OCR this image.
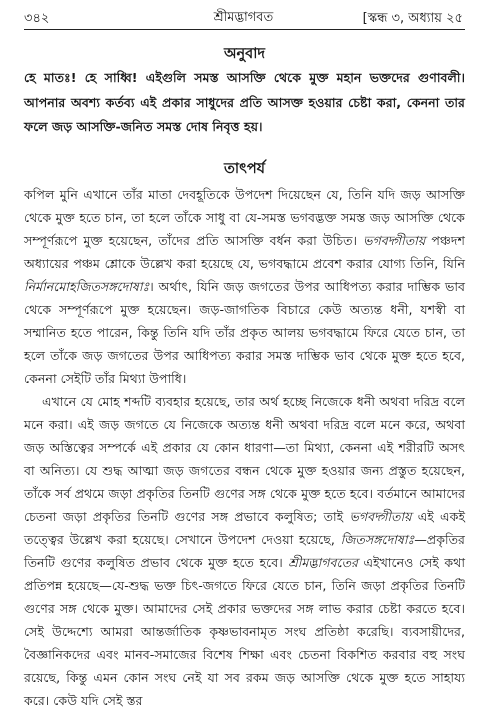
৩৪২	শ্রীমদ্ভাগবত	[স্কন্ধ ৩, অধ্যায় ২৫
অনুবাদ
হে মাতঃ! হে সাধ্বি! এইগুলি সমস্ত আসক্তি থেকে মুক্ত মহান ভক্তদের গুণাবলী। আপনার অবশ্য কর্তব্য এই প্রকার সাধুদের প্রতি আসক্ত হওয়ার চেষ্টা করা, কেননা তার ফলে জড় আসক্তি-জনিত সমস্ত দোষ নিবৃত্ত হয়।
তাৎপর্য

কপিল মুনি এখানে তাঁর মাতা দেবহূতিকে উপদেশ দিয়েছেন যে, তিনি যদি জড় আসক্তি থেকে মুক্ত হতে চান, তা হলে তাঁকে সাধু বা যে-সমস্ত ভগবদ্ভক্ত সমস্ত জড় আসক্তি থেকে সম্পূর্ণরূপে মুক্ত হয়েছেন, তাঁদের প্রতি আসক্তি বর্ধন করা উচিত। ভগবদ্গীতায় পঞ্চদশ অধ্যায়ের পঞ্চম শ্লোকে উল্লেখ করা হয়েছে যে, ভগবদ্ধামে প্রবেশ করার যোগ্য তিনি, যিনি নির্মানমোহজিতসঙ্গদোষাঃ। অর্থাৎ, যিনি জড় জগতের উপর আধিপত্য করার দাম্ভিক ভাব থেকে সম্পূর্ণরূপে মুক্ত হয়েছেন। জড়-জাগতিক বিচারে কেউ অত্যন্ত ধনী, যশস্বী বা সম্মানিত হতে পারেন, কিন্তু তিনি যদি তাঁর প্রকৃত আলয় ভগবদ্ধামে ফিরে যেতে চান, তা হলে তাঁকে জড় জগতের উপর আধিপত্য করার সমস্ত দাম্ভিক ভাব থেকে মুক্ত হতে হবে, কেননা সেইটি তাঁর মিথ্যা উপাধি।

এখানে যে মোহ শব্দটি ব্যবহার হয়েছে, তার অর্থ হচ্ছে নিজেকে ধনী অথবা দরিদ্র বলে মনে করা। এই জড় জগতে যে নিজেকে অত্যন্ত ধনী অথবা দরিদ্র বলে মনে করে, অথবা জড় অস্তিত্বের সম্পর্কে এই প্রকার যে কোন ধারণা—তা মিথ্যা, কেননা এই শরীরটি অসৎ বা অনিত্য। যে শুদ্ধ আত্মা জড় জগতের বন্ধন থেকে মুক্ত হওয়ার জন্য প্রস্তুত হয়েছেন, তাঁকে সর্ব প্রথমে জড়া প্রকৃতির তিনটি গুণের সঙ্গ থেকে মুক্ত হতে হবে। বর্তমানে আমাদের চেতনা জড়া প্রকৃতির তিনটি গুণের সঙ্গ প্রভাবে কলুষিত; তাই ভগবদ্গীতায় এই একই তত্ত্বের উল্লেখ করা হয়েছে। সেখানে উপদেশ দেওয়া হয়েছে, জিতসঙ্গদোষাঃ—প্রকৃতির তিনটি গুণের কলুষিত প্রভাব থেকে মুক্ত হতে হবে। শ্রীমদ্ভাগবতের এইখানেও সেই কথা প্রতিপন্ন হয়েছে—যে-শুদ্ধ ভক্ত চিৎ-জগতে ফিরে যেতে চান, তিনি জড়া প্রকৃতির তিনটি গুণের সঙ্গ থেকে মুক্ত। আমাদের সেই প্রকার ভক্তদের সঙ্গ লাভ করার চেষ্টা করতে হবে। সেই উদ্দেশ্যে আমরা আন্তর্জাতিক কৃষ্ণভাবনামৃত সংঘ প্রতিষ্ঠা করেছি। ব্যবসায়ীদের, বৈজ্ঞানিকদের এবং মানব-সমাজের বিশেষ শিক্ষা এবং চেতনা বিকশিত করবার বহু সংঘ রয়েছে, কিন্তু এমন কোন সংঘ নেই যা সব রকম জড় আসক্তি থেকে মুক্ত হতে সাহায্য করে। কেউ যদি সেই স্তর
